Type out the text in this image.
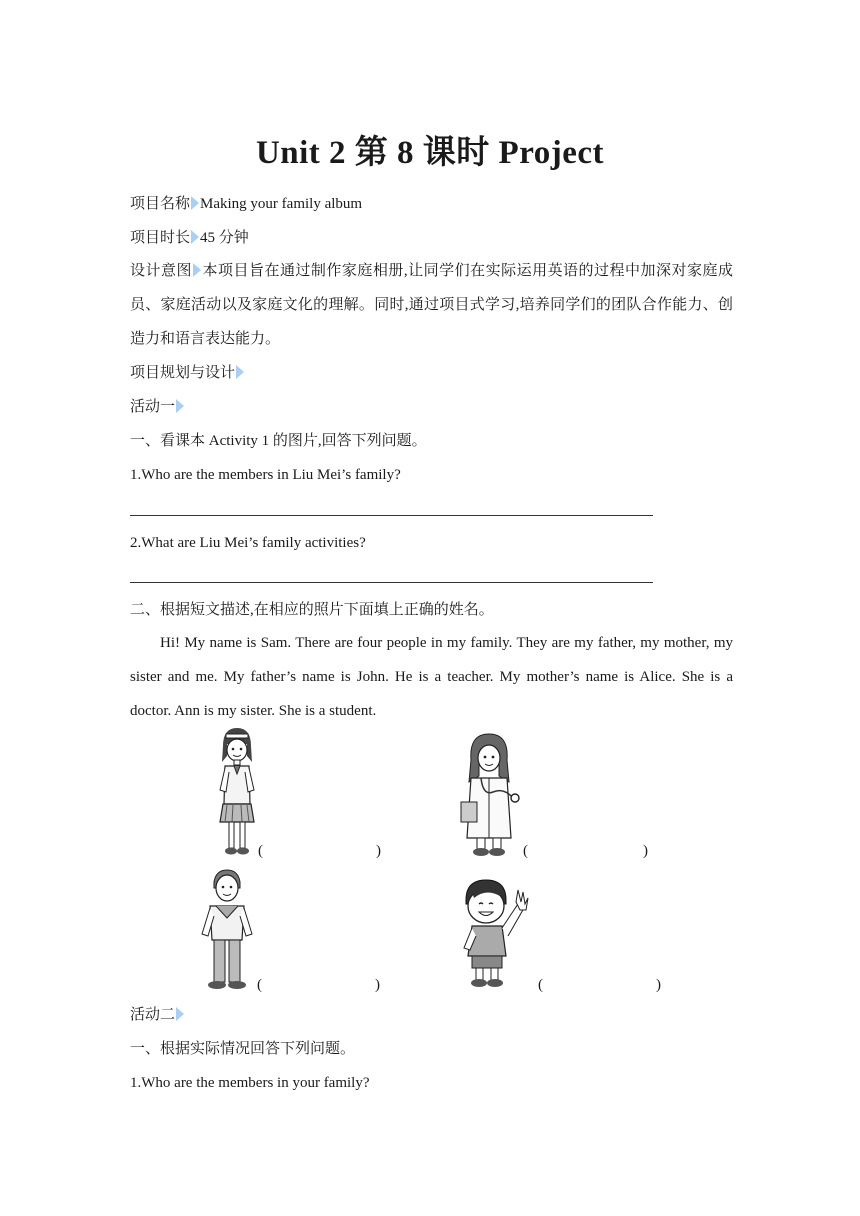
Unit 2 第 8 课时 Project
项目名称 Making your family album
项目时长 45 分钟

设计意图 本项目旨在通过制作家庭相册,让同学们在实际运用英语的过程中加深对家庭成员、家庭活动以及家庭文化的理解。同时,通过项目式学习,培养同学们的团队合作能力、创造力和语言表达能力。

项目规划与设计
活动一
一、看课本 Activity 1 的图片,回答下列问题。
1.Who are the members in Liu Mei’s family?
2.What are Liu Mei’s family activities?
二、根据短文描述,在相应的照片下面填上正确的姓名。

Hi! My name is Sam. There are four people in my family. They are my father, my mother, my sister and me. My father’s name is John. He is a teacher. My mother’s name is Alice. She is a doctor. Ann is my sister. She is a student.

(	)	(	)
(	)	(	)
活动二
一、根据实际情况回答下列问题。
1.Who are the members in your family?
